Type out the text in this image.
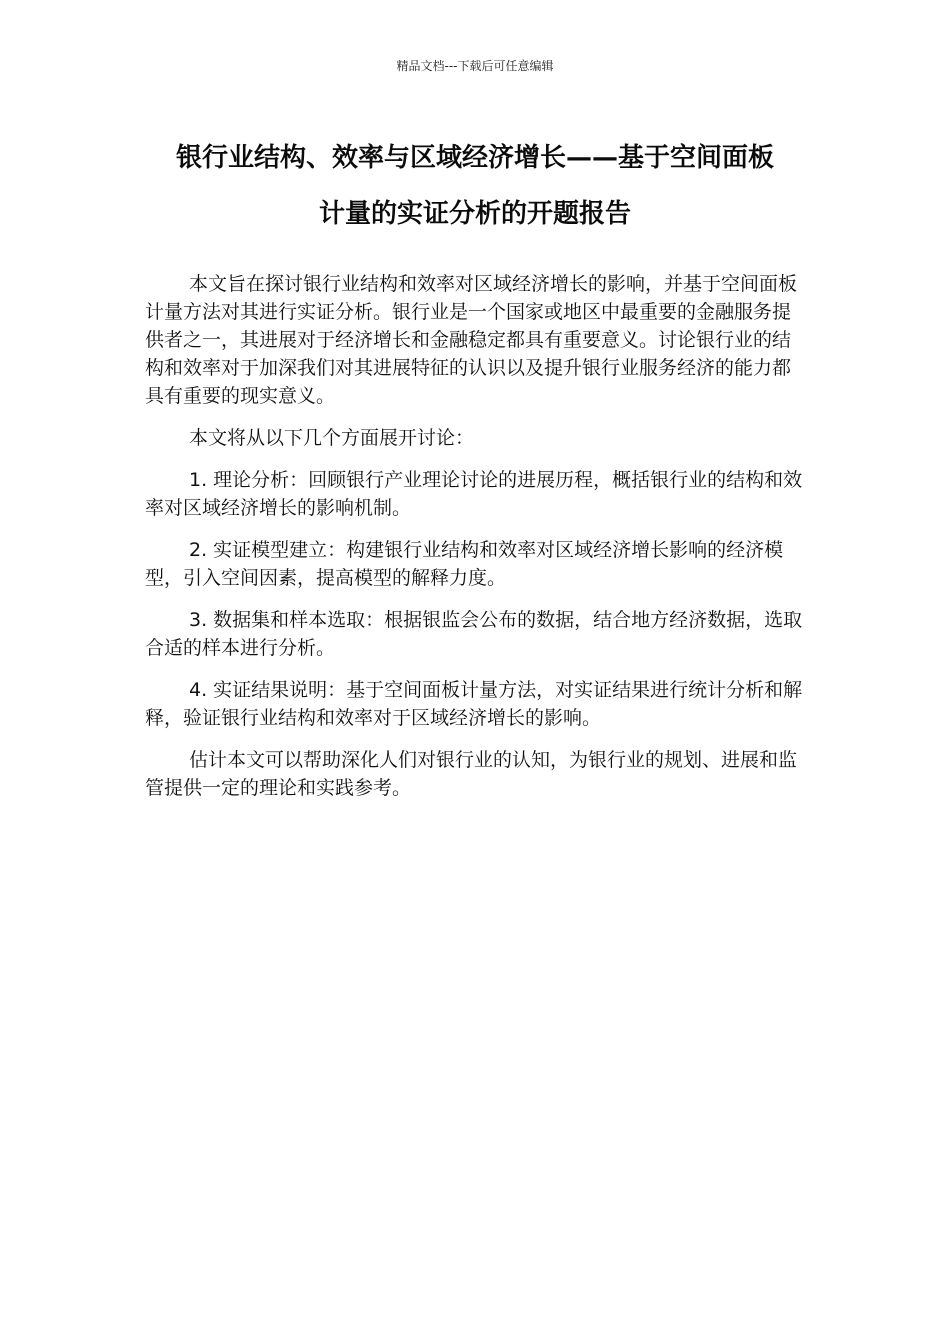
精品文档---下载后可任意编辑
银行业结构、效率与区域经济增长——基于空间面板
计量的实证分析的开题报告

本文旨在探讨银行业结构和效率对区域经济增长的影响，并基于空间面板计量方法对其进行实证分析。银行业是一个国家或地区中最重要的金融服务提供者之一，其进展对于经济增长和金融稳定都具有重要意义。讨论银行业的结构和效率对于加深我们对其进展特征的认识以及提升银行业服务经济的能力都具有重要的现实意义。

本文将从以下几个方面展开讨论：

1. 理论分析：回顾银行产业理论讨论的进展历程，概括银行业的结构和效率对区域经济增长的影响机制。

2. 实证模型建立：构建银行业结构和效率对区域经济增长影响的经济模型，引入空间因素，提高模型的解释力度。

3. 数据集和样本选取：根据银监会公布的数据，结合地方经济数据，选取合适的样本进行分析。

4. 实证结果说明：基于空间面板计量方法，对实证结果进行统计分析和解释，验证银行业结构和效率对于区域经济增长的影响。

估计本文可以帮助深化人们对银行业的认知，为银行业的规划、进展和监管提供一定的理论和实践参考。
